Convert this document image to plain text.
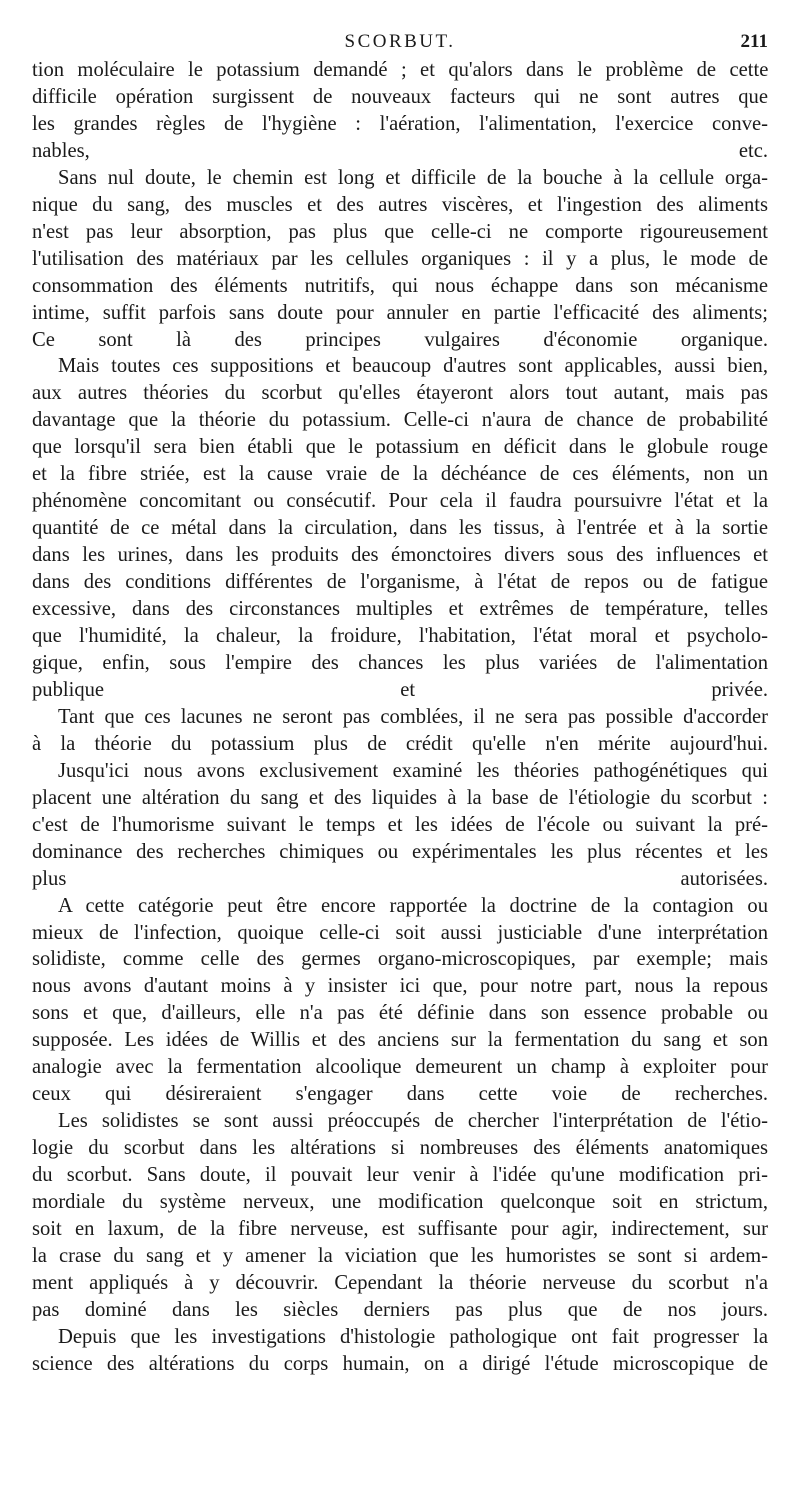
SCORBUT.	211
tion moléculaire le potassium demandé ; et qu'alors dans le problème de cette
difficile opération surgissent de nouveaux facteurs qui ne sont autres que
les grandes règles de l'hygiène : l'aération, l'alimentation, l'exercice conve-
nables, etc.
Sans nul doute, le chemin est long et difficile de la bouche à la cellule orga-
nique du sang, des muscles et des autres viscères, et l'ingestion des aliments
n'est pas leur absorption, pas plus que celle-ci ne comporte rigoureusement
l'utilisation des matériaux par les cellules organiques : il y a plus, le mode de
consommation des éléments nutritifs, qui nous échappe dans son mécanisme
intime, suffit parfois sans doute pour annuler en partie l'efficacité des aliments;
Ce sont là des principes vulgaires d'économie organique.
Mais toutes ces suppositions et beaucoup d'autres sont applicables, aussi bien,
aux autres théories du scorbut qu'elles étayeront alors tout autant, mais pas
davantage que la théorie du potassium. Celle-ci n'aura de chance de probabilité
que lorsqu'il sera bien établi que le potassium en déficit dans le globule rouge
et la fibre striée, est la cause vraie de la déchéance de ces éléments, non un
phénomène concomitant ou consécutif. Pour cela il faudra poursuivre l'état et la
quantité de ce métal dans la circulation, dans les tissus, à l'entrée et à la sortie
dans les urines, dans les produits des émonctoires divers sous des influences et
dans des conditions différentes de l'organisme, à l'état de repos ou de fatigue
excessive, dans des circonstances multiples et extrêmes de température, telles
que l'humidité, la chaleur, la froidure, l'habitation, l'état moral et psycholo-
gique, enfin, sous l'empire des chances les plus variées de l'alimentation
publique et privée.
Tant que ces lacunes ne seront pas comblées, il ne sera pas possible d'accorder
à la théorie du potassium plus de crédit qu'elle n'en mérite aujourd'hui.
Jusqu'ici nous avons exclusivement examiné les théories pathogénétiques qui
placent une altération du sang et des liquides à la base de l'étiologie du scorbut :
c'est de l'humorisme suivant le temps et les idées de l'école ou suivant la pré-
dominance des recherches chimiques ou expérimentales les plus récentes et les
plus autorisées.
A cette catégorie peut être encore rapportée la doctrine de la contagion ou
mieux de l'infection, quoique celle-ci soit aussi justiciable d'une interprétation
solidiste, comme celle des germes organo-microscopiques, par exemple; mais
nous avons d'autant moins à y insister ici que, pour notre part, nous la repous
sons et que, d'ailleurs, elle n'a pas été définie dans son essence probable ou
supposée. Les idées de Willis et des anciens sur la fermentation du sang et son
analogie avec la fermentation alcoolique demeurent un champ à exploiter pour
ceux qui désireraient s'engager dans cette voie de recherches.
Les solidistes se sont aussi préoccupés de chercher l'interprétation de l'étio-
logie du scorbut dans les altérations si nombreuses des éléments anatomiques
du scorbut. Sans doute, il pouvait leur venir à l'idée qu'une modification pri-
mordiale du système nerveux, une modification quelconque soit en strictum,
soit en laxum, de la fibre nerveuse, est suffisante pour agir, indirectement, sur
la crase du sang et y amener la viciation que les humoristes se sont si ardem-
ment appliqués à y découvrir. Cependant la théorie nerveuse du scorbut n'a
pas dominé dans les siècles derniers pas plus que de nos jours.
Depuis que les investigations d'histologie pathologique ont fait progresser la
science des altérations du corps humain, on a dirigé l'étude microscopique de
